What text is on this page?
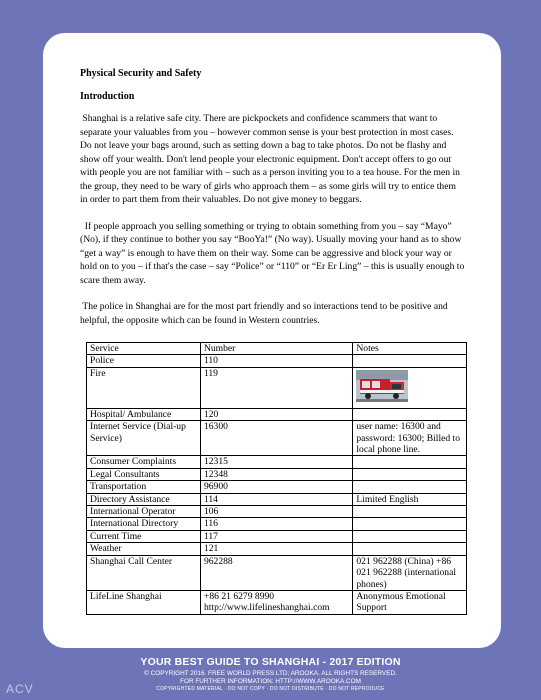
Physical Security and Safety

Introduction

Shanghai is a relative safe city. There are pickpockets and confidence scammers that want to separate your valuables from you – however common sense is your best protection in most cases. Do not leave your bags around, such as setting down a bag to take photos. Do not be flashy and show off your wealth. Don't lend people your electronic equipment. Don't accept offers to go out with people you are not familiar with – such as a person inviting you to a tea house. For the men in the group, they need to be wary of girls who approach them – as some girls will try to entice them in order to part them from their valuables. Do not give money to beggars.

If people approach you selling something or trying to obtain something from you – say “Mayo” (No), if they continue to bother you say “BooYa!” (No way). Usually moving your hand as to show “get a way” is enough to have them on their way. Some can be aggressive and block your way or hold on to you – if that's the case – say “Police” or “110” or “Er Er Ling” – this is usually enough to scare them away.

The police in Shanghai are for the most part friendly and so interactions tend to be positive and helpful, the opposite which can be found in Western countries.

Service	Number	Notes
Police	110	
Fire	119	

Hospital/ Ambulance	120	
Internet Service (Dial-up Service)	16300	user name: 16300 and password: 16300; Billed to local phone line.
Consumer Complaints	12315	
Legal Consultants	12348	
Transportation	96900	
Directory Assistance	114	Limited English
International Operator	106	
International Directory	116	
Current Time	117	
Weather	121	
Shanghai Call Center	962288	021 962288 (China) +86 021 962288 (international phones)
LifeLine Shanghai	+86 21 6279 8990 http://www.lifelineshanghai.com	Anonymous Emotional Support
YOUR BEST GUIDE TO SHANGHAI - 2017 EDITION
© COPYRIGHT 2016. FREE WORLD PRESS LTD; AROOKA. ALL RIGHTS RESERVED.
FOR FURTHER INFORMATION: HTTP://WWW.AROOKA.COM
COPYRIGHTED MATERIAL · DO NOT COPY · DO NOT DISTRIBUTE · DO NOT REPRODUCE
ACV
